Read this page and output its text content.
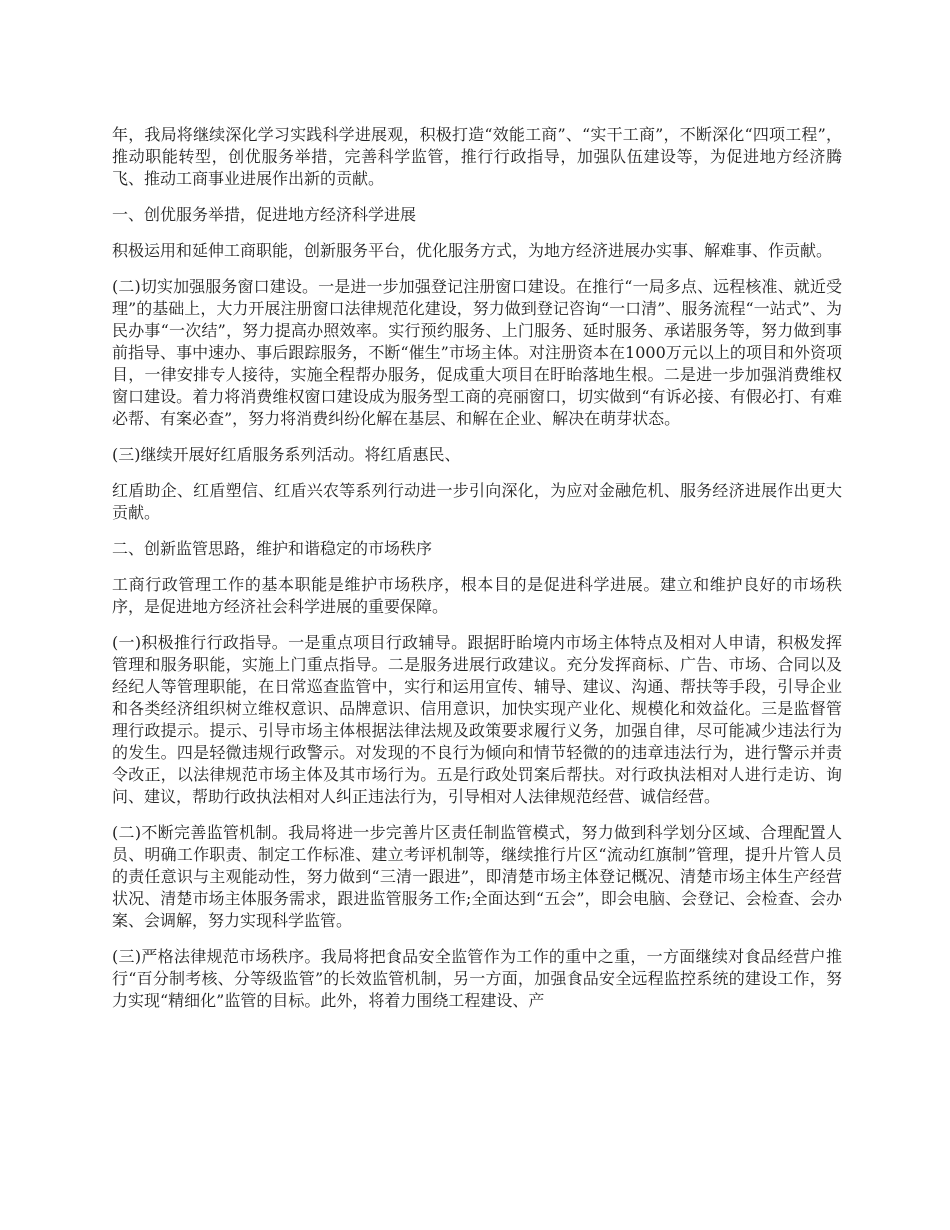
年，我局将继续深化学习实践科学进展观，积极打造“效能工商”、“实干工商”，不断深化“四项工程”，推动职能转型，创优服务举措，完善科学监管，推行行政指导，加强队伍建设等，为促进地方经济腾飞、推动工商事业进展作出新的贡献。

一、创优服务举措，促进地方经济科学进展

积极运用和延伸工商职能，创新服务平台，优化服务方式，为地方经济进展办实事、解难事、作贡献。

(二)切实加强服务窗口建设。一是进一步加强登记注册窗口建设。在推行“一局多点、远程核准、就近受理”的基础上，大力开展注册窗口法律规范化建设，努力做到登记咨询“一口清”、服务流程“一站式”、为民办事“一次结”，努力提高办照效率。实行预约服务、上门服务、延时服务、承诺服务等，努力做到事前指导、事中速办、事后跟踪服务，不断“催生”市场主体。对注册资本在1000万元以上的项目和外资项目，一律安排专人接待，实施全程帮办服务，促成重大项目在盱眙落地生根。二是进一步加强消费维权窗口建设。着力将消费维权窗口建设成为服务型工商的亮丽窗口，切实做到“有诉必接、有假必打、有难必帮、有案必查”，努力将消费纠纷化解在基层、和解在企业、解决在萌芽状态。

(三)继续开展好红盾服务系列活动。将红盾惠民、

红盾助企、红盾塑信、红盾兴农等系列行动进一步引向深化，为应对金融危机、服务经济进展作出更大贡献。

二、创新监管思路，维护和谐稳定的市场秩序

工商行政管理工作的基本职能是维护市场秩序，根本目的是促进科学进展。建立和维护良好的市场秩序，是促进地方经济社会科学进展的重要保障。

(一)积极推行行政指导。一是重点项目行政辅导。跟据盱眙境内市场主体特点及相对人申请，积极发挥管理和服务职能，实施上门重点指导。二是服务进展行政建议。充分发挥商标、广告、市场、合同以及经纪人等管理职能，在日常巡查监管中，实行和运用宣传、辅导、建议、沟通、帮扶等手段，引导企业和各类经济组织树立维权意识、品牌意识、信用意识，加快实现产业化、规模化和效益化。三是监督管理行政提示。提示、引导市场主体根据法律法规及政策要求履行义务，加强自律，尽可能减少违法行为的发生。四是轻微违规行政警示。对发现的不良行为倾向和情节轻微的的违章违法行为，进行警示并责令改正，以法律规范市场主体及其市场行为。五是行政处罚案后帮扶。对行政执法相对人进行走访、询问、建议，帮助行政执法相对人纠正违法行为，引导相对人法律规范经营、诚信经营。

(二)不断完善监管机制。我局将进一步完善片区责任制监管模式，努力做到科学划分区域、合理配置人员、明确工作职责、制定工作标准、建立考评机制等，继续推行片区“流动红旗制”管理，提升片管人员的责任意识与主观能动性，努力做到“三清一跟进”，即清楚市场主体登记概况、清楚市场主体生产经营状况、清楚市场主体服务需求，跟进监管服务工作;全面达到“五会”，即会电脑、会登记、会检查、会办案、会调解，努力实现科学监管。

(三)严格法律规范市场秩序。我局将把食品安全监管作为工作的重中之重，一方面继续对食品经营户推行“百分制考核、分等级监管”的长效监管机制，另一方面，加强食品安全远程监控系统的建设工作，努力实现“精细化”监管的目标。此外，将着力围绕工程建设、产
